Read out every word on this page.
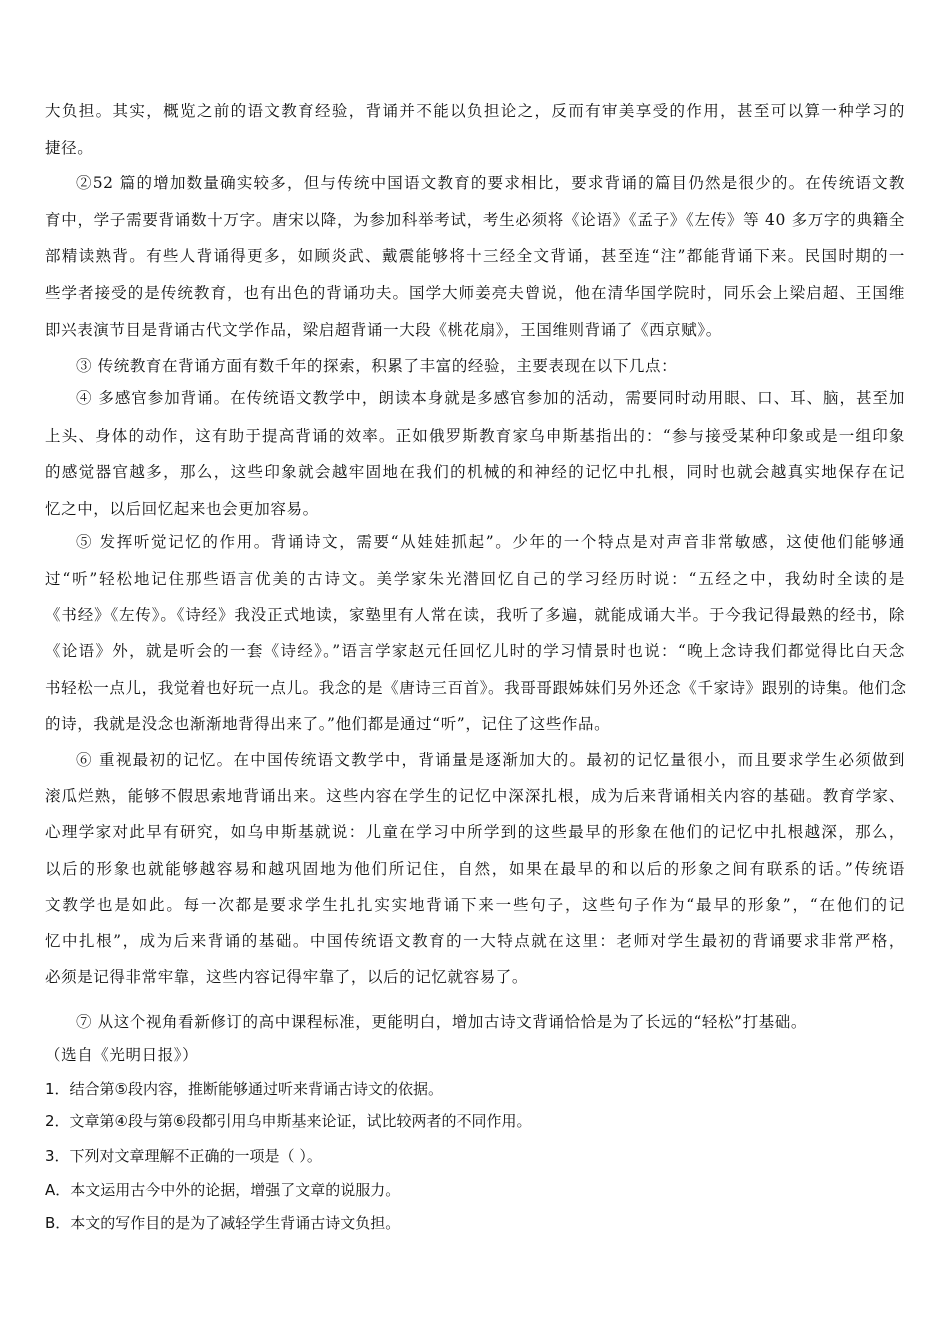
大负担。其实，概览之前的语文教育经验，背诵并不能以负担论之，反而有审美享受的作用，甚至可以算一种学习的
捷径。
②52 篇的增加数量确实较多，但与传统中国语文教育的要求相比，要求背诵的篇目仍然是很少的。在传统语文教
育中，学子需要背诵数十万字。唐宋以降，为参加科举考试，考生必须将《论语》《孟子》《左传》等 40 多万字的典籍全
部精读熟背。有些人背诵得更多，如顾炎武、戴震能够将十三经全文背诵，甚至连“注”都能背诵下来。民国时期的一
些学者接受的是传统教育，也有出色的背诵功夫。国学大师姜亮夫曾说，他在清华国学院时，同乐会上梁启超、王国维
即兴表演节目是背诵古代文学作品，梁启超背诵一大段《桃花扇》，王国维则背诵了《西京赋》。
③ 传统教育在背诵方面有数千年的探索，积累了丰富的经验，主要表现在以下几点：
④ 多感官参加背诵。在传统语文教学中，朗读本身就是多感官参加的活动，需要同时动用眼、口、耳、脑，甚至加
上头、身体的动作，这有助于提高背诵的效率。正如俄罗斯教育家乌申斯基指出的：“参与接受某种印象或是一组印象
的感觉器官越多，那么，这些印象就会越牢固地在我们的机械的和神经的记忆中扎根，同时也就会越真实地保存在记
忆之中，以后回忆起来也会更加容易。
⑤ 发挥听觉记忆的作用。背诵诗文，需要“从娃娃抓起”。少年的一个特点是对声音非常敏感，这使他们能够通
过“听”轻松地记住那些语言优美的古诗文。美学家朱光潜回忆自己的学习经历时说：“五经之中，我幼时全读的是
《书经》《左传》。《诗经》我没正式地读，家塾里有人常在读，我听了多遍，就能成诵大半。于今我记得最熟的经书，除
《论语》外，就是听会的一套《诗经》。”语言学家赵元任回忆儿时的学习情景时也说：“晚上念诗我们都觉得比白天念
书轻松一点儿，我觉着也好玩一点儿。我念的是《唐诗三百首》。我哥哥跟姊妹们另外还念《千家诗》跟别的诗集。他们念
的诗，我就是没念也渐渐地背得出来了。”他们都是通过“听”，记住了这些作品。
⑥ 重视最初的记忆。在中国传统语文教学中，背诵量是逐渐加大的。最初的记忆量很小，而且要求学生必须做到
滚瓜烂熟，能够不假思索地背诵出来。这些内容在学生的记忆中深深扎根，成为后来背诵相关内容的基础。教育学家、
心理学家对此早有研究，如乌申斯基就说：儿童在学习中所学到的这些最早的形象在他们的记忆中扎根越深，那么，
以后的形象也就能够越容易和越巩固地为他们所记住，自然，如果在最早的和以后的形象之间有联系的话。”传统语
文教学也是如此。每一次都是要求学生扎扎实实地背诵下来一些句子，这些句子作为“最早的形象”，“在他们的记
忆中扎根”，成为后来背诵的基础。中国传统语文教育的一大特点就在这里：老师对学生最初的背诵要求非常严格，
必须是记得非常牢靠，这些内容记得牢靠了，以后的记忆就容易了。
⑦ 从这个视角看新修订的高中课程标准，更能明白，增加古诗文背诵恰恰是为了长远的“轻松”打基础。
（选自《光明日报》）
1．结合第⑤段内容，推断能够通过听来背诵古诗文的依据。
2．文章第④段与第⑥段都引用乌申斯基来论证，试比较两者的不同作用。
3．下列对文章理解不正确的一项是（ ）。
A．本文运用古今中外的论据，增强了文章的说服力。
B．本文的写作目的是为了减轻学生背诵古诗文负担。
